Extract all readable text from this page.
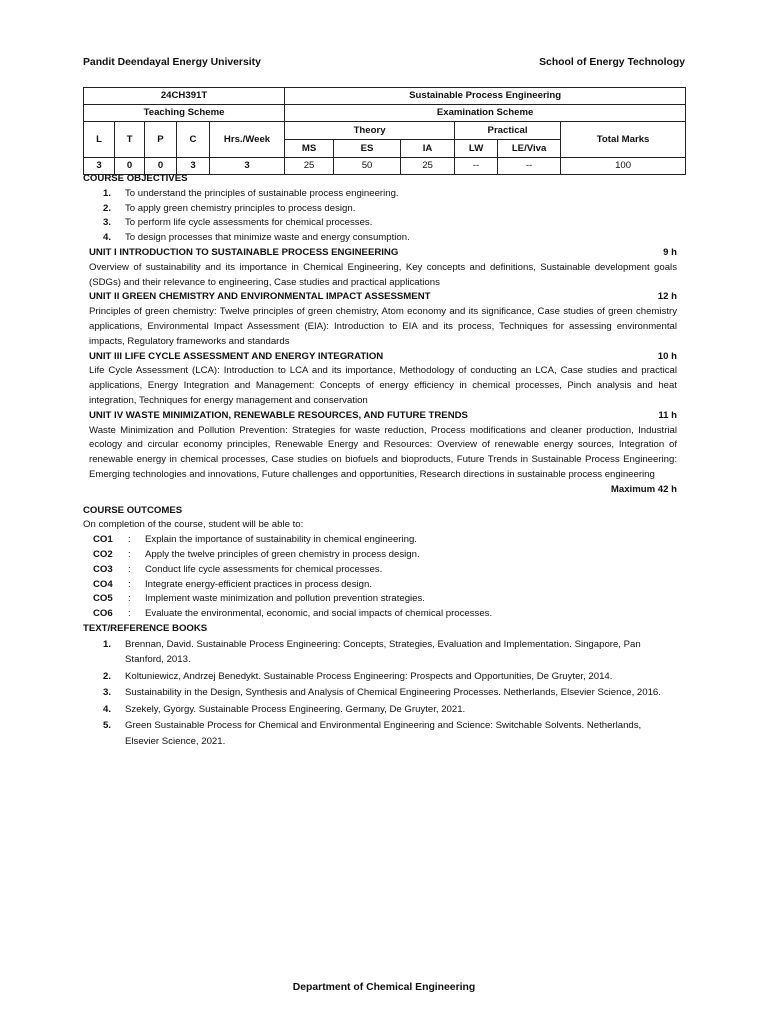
Pandit Deendayal Energy University	School of Energy Technology
24CH391T					Sustainable Process Engineering					
Teaching Scheme					Examination Scheme					
L	T	P	C	Hrs./Week	Theory			Practical		Total Marks
					MS	ES	IA	LW	LE/Viva	
3	0	0	3	3	25	50	25	--	--	100
COURSE OBJECTIVES
1. To understand the principles of sustainable process engineering.
2. To apply green chemistry principles to process design.
3. To perform life cycle assessments for chemical processes.
4. To design processes that minimize waste and energy consumption.
UNIT I INTRODUCTION TO SUSTAINABLE PROCESS ENGINEERING	9 h
Overview of sustainability and its importance in Chemical Engineering, Key concepts and definitions, Sustainable development goals (SDGs) and their relevance to engineering, Case studies and practical applications
UNIT II GREEN CHEMISTRY AND ENVIRONMENTAL IMPACT ASSESSMENT	12 h
Principles of green chemistry: Twelve principles of green chemistry, Atom economy and its significance, Case studies of green chemistry applications, Environmental Impact Assessment (EIA): Introduction to EIA and its process, Techniques for assessing environmental impacts, Regulatory frameworks and standards
UNIT III LIFE CYCLE ASSESSMENT AND ENERGY INTEGRATION	10 h
Life Cycle Assessment (LCA): Introduction to LCA and its importance, Methodology of conducting an LCA, Case studies and practical applications, Energy Integration and Management: Concepts of energy efficiency in chemical processes, Pinch analysis and heat integration, Techniques for energy management and conservation
UNIT IV WASTE MINIMIZATION, RENEWABLE RESOURCES, AND FUTURE TRENDS	11 h
Waste Minimization and Pollution Prevention: Strategies for waste reduction, Process modifications and cleaner production, Industrial ecology and circular economy principles, Renewable Energy and Resources: Overview of renewable energy sources, Integration of renewable energy in chemical processes, Case studies on biofuels and bioproducts, Future Trends in Sustainable Process Engineering: Emerging technologies and innovations, Future challenges and opportunities, Research directions in sustainable process engineering
Maximum 42 h
COURSE OUTCOMES
On completion of the course, student will be able to:
CO1 : Explain the importance of sustainability in chemical engineering.
CO2 : Apply the twelve principles of green chemistry in process design.
CO3 : Conduct life cycle assessments for chemical processes.
CO4 : Integrate energy-efficient practices in process design.
CO5 : Implement waste minimization and pollution prevention strategies.
CO6 : Evaluate the environmental, economic, and social impacts of chemical processes.
TEXT/REFERENCE BOOKS
1. Brennan, David. Sustainable Process Engineering: Concepts, Strategies, Evaluation and Implementation. Singapore, Pan Stanford, 2013.
2. Koltuniewicz, Andrzej Benedykt. Sustainable Process Engineering: Prospects and Opportunities, De Gruyter, 2014.
3. Sustainability in the Design, Synthesis and Analysis of Chemical Engineering Processes. Netherlands, Elsevier Science, 2016.
4. Szekely, Gyorgy. Sustainable Process Engineering. Germany, De Gruyter, 2021.
5. Green Sustainable Process for Chemical and Environmental Engineering and Science: Switchable Solvents. Netherlands, Elsevier Science, 2021.
Department of Chemical Engineering
